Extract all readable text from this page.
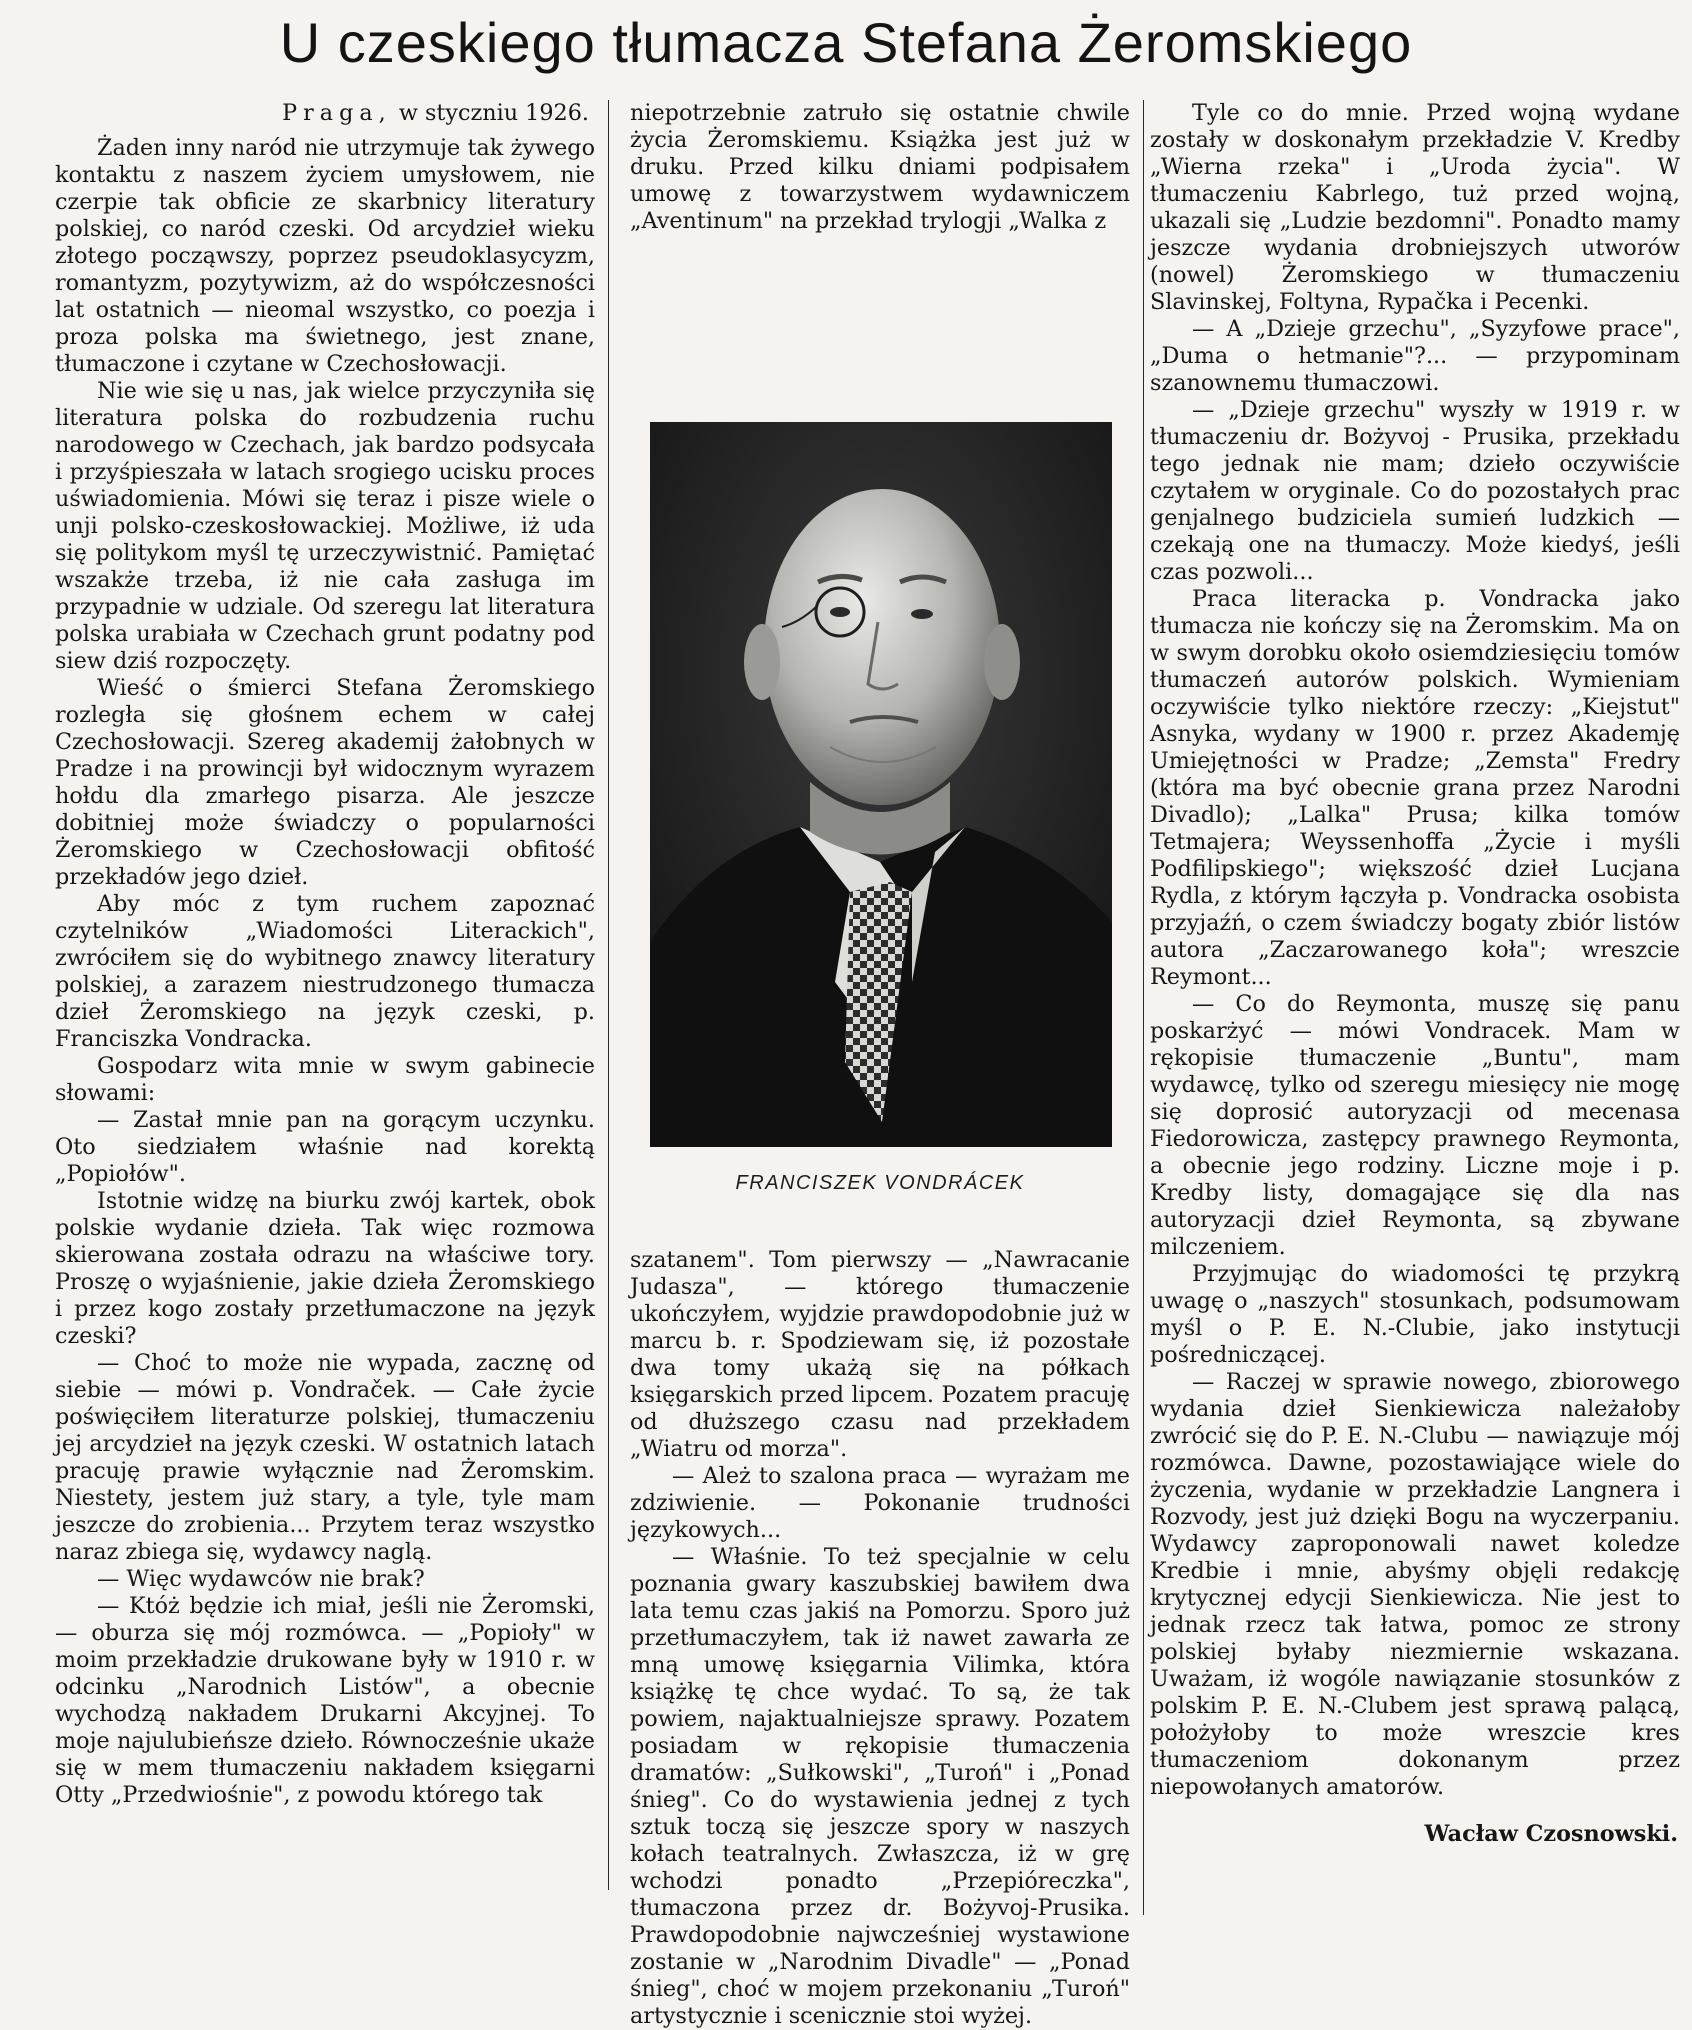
U czeskiego tłumacza Stefana Żeromskiego
Praga, w styczniu 1926.

Żaden inny naród nie utrzymuje tak żywego kontaktu z naszem życiem umysłowem, nie czerpie tak obficie ze skarbnicy literatury polskiej, co naród czeski. Od arcydzieł wieku złotego począwszy, poprzez pseudoklasycyzm, romantyzm, pozytywizm, aż do współczesności lat ostatnich — nieomal wszystko, co poezja i proza polska ma świetnego, jest znane, tłumaczone i czytane w Czechosłowacji.

Nie wie się u nas, jak wielce przyczyniła się literatura polska do rozbudzenia ruchu narodowego w Czechach, jak bardzo podsycała i przyśpieszała w latach srogiego ucisku proces uświadomienia. Mówi się teraz i pisze wiele o unji polsko-czeskosłowackiej. Możliwe, iż uda się politykom myśl tę urzeczywistnić. Pamiętać wszakże trzeba, iż nie cała zasługa im przypadnie w udziale. Od szeregu lat literatura polska urabiała w Czechach grunt podatny pod siew dziś rozpoczęty.

Wieść o śmierci Stefana Żeromskiego rozległa się głośnem echem w całej Czechosłowacji. Szereg akademij żałobnych w Pradze i na prowincji był widocznym wyrazem hołdu dla zmarłego pisarza. Ale jeszcze dobitniej może świadczy o popularności Żeromskiego w Czechosłowacji obfitość przekładów jego dzieł.

Aby móc z tym ruchem zapoznać czytelników „Wiadomości Literackich", zwróciłem się do wybitnego znawcy literatury polskiej, a zarazem niestrudzonego tłumacza dzieł Żeromskiego na język czeski, p. Franciszka Vondracka.

Gospodarz wita mnie w swym gabinecie słowami:

— Zastał mnie pan na gorącym uczynku. Oto siedziałem właśnie nad korektą „Popiołów".

Istotnie widzę na biurku zwój kartek, obok polskie wydanie dzieła. Tak więc rozmowa skierowana została odrazu na właściwe tory. Proszę o wyjaśnienie, jakie dzieła Żeromskiego i przez kogo zostały przetłumaczone na język czeski?

— Choć to może nie wypada, zacznę od siebie — mówi p. Vondraček. — Całe życie poświęciłem literaturze polskiej, tłumaczeniu jej arcydzieł na język czeski. W ostatnich latach pracuję prawie wyłącznie nad Żeromskim. Niestety, jestem już stary, a tyle, tyle mam jeszcze do zrobienia... Przytem teraz wszystko naraz zbiega się, wydawcy naglą.

— Więc wydawców nie brak?

— Któż będzie ich miał, jeśli nie Żeromski, — oburza się mój rozmówca. — „Popioły" w moim przekładzie drukowane były w 1910 r. w odcinku „Narodnich Listów", a obecnie wychodzą nakładem Drukarni Akcyjnej. To moje najulubieńsze dzieło. Równocześnie ukaże się w mem tłumaczeniu nakładem księgarni Otty „Przedwiośnie", z powodu którego tak

niepotrzebnie zatruło się ostatnie chwile życia Żeromskiemu. Książka jest już w druku. Przed kilku dniami podpisałem umowę z towarzystwem wydawniczem „Aventinum" na przekład trylogji „Walka z

FRANCISZEK VONDRÁCEK

szatanem". Tom pierwszy — „Nawracanie Judasza", — którego tłumaczenie ukończyłem, wyjdzie prawdopodobnie już w marcu b. r. Spodziewam się, iż pozostałe dwa tomy ukażą się na półkach księgarskich przed lipcem. Pozatem pracuję od dłuższego czasu nad przekładem „Wiatru od morza".

— Ależ to szalona praca — wyrażam me zdziwienie. — Pokonanie trudności językowych...

— Właśnie. To też specjalnie w celu poznania gwary kaszubskiej bawiłem dwa lata temu czas jakiś na Pomorzu. Sporo już przetłumaczyłem, tak iż nawet zawarła ze mną umowę księgarnia Vilimka, która książkę tę chce wydać. To są, że tak powiem, najaktualniejsze sprawy. Pozatem posiadam w rękopisie tłumaczenia dramatów: „Sułkowski", „Turoń" i „Ponad śnieg". Co do wystawienia jednej z tych sztuk toczą się jeszcze spory w naszych kołach teatralnych. Zwłaszcza, iż w grę wchodzi ponadto „Przepióreczka", tłumaczona przez dr. Bożyvoj-Prusika. Prawdopodobnie najwcześniej wystawione zostanie w „Narodnim Divadle" — „Ponad śnieg", choć w mojem przekonaniu „Turoń" artystycznie i scenicznie stoi wyżej.

Tyle co do mnie. Przed wojną wydane zostały w doskonałym przekładzie V. Kredby „Wierna rzeka" i „Uroda życia". W tłumaczeniu Kabrlego, tuż przed wojną, ukazali się „Ludzie bezdomni". Ponadto mamy jeszcze wydania drobniejszych utworów (nowel) Żeromskiego w tłumaczeniu Slavinskej, Foltyna, Rypačka i Pecenki.

— A „Dzieje grzechu", „Syzyfowe prace", „Duma o hetmanie"?... — przypominam szanownemu tłumaczowi.

— „Dzieje grzechu" wyszły w 1919 r. w tłumaczeniu dr. Bożyvoj - Prusika, przekładu tego jednak nie mam; dzieło oczywiście czytałem w oryginale. Co do pozostałych prac genjalnego budziciela sumień ludzkich — czekają one na tłumaczy. Może kiedyś, jeśli czas pozwoli...

Praca literacka p. Vondracka jako tłumacza nie kończy się na Żeromskim. Ma on w swym dorobku około osiemdziesięciu tomów tłumaczeń autorów polskich. Wymieniam oczywiście tylko niektóre rzeczy: „Kiejstut" Asnyka, wydany w 1900 r. przez Akademję Umiejętności w Pradze; „Zemsta" Fredry (która ma być obecnie grana przez Narodni Divadlo); „Lalka" Prusa; kilka tomów Tetmajera; Weyssenhoffa „Życie i myśli Podfilipskiego"; większość dzieł Lucjana Rydla, z którym łączyła p. Vondracka osobista przyjaźń, o czem świadczy bogaty zbiór listów autora „Zaczarowanego koła"; wreszcie Reymont...

— Co do Reymonta, muszę się panu poskarżyć — mówi Vondracek. Mam w rękopisie tłumaczenie „Buntu", mam wydawcę, tylko od szeregu miesięcy nie mogę się doprosić autoryzacji od mecenasa Fiedorowicza, zastępcy prawnego Reymonta, a obecnie jego rodziny. Liczne moje i p. Kredby listy, domagające się dla nas autoryzacji dzieł Reymonta, są zbywane milczeniem.

Przyjmując do wiadomości tę przykrą uwagę o „naszych" stosunkach, podsumowam myśl o P. E. N.-Clubie, jako instytucji pośredniczącej.

— Raczej w sprawie nowego, zbiorowego wydania dzieł Sienkiewicza należałoby zwrócić się do P. E. N.-Clubu — nawiązuje mój rozmówca. Dawne, pozostawiające wiele do życzenia, wydanie w przekładzie Langnera i Rozvody, jest już dzięki Bogu na wyczerpaniu. Wydawcy zaproponowali nawet koledze Kredbie i mnie, abyśmy objęli redakcję krytycznej edycji Sienkiewicza. Nie jest to jednak rzecz tak łatwa, pomoc ze strony polskiej byłaby niezmiernie wskazana. Uważam, iż wogóle nawiązanie stosunków z polskim P. E. N.-Clubem jest sprawą palącą, położyłoby to może wreszcie kres tłumaczeniom dokonanym przez niepowołanych amatorów.

Wacław Czosnowski.
